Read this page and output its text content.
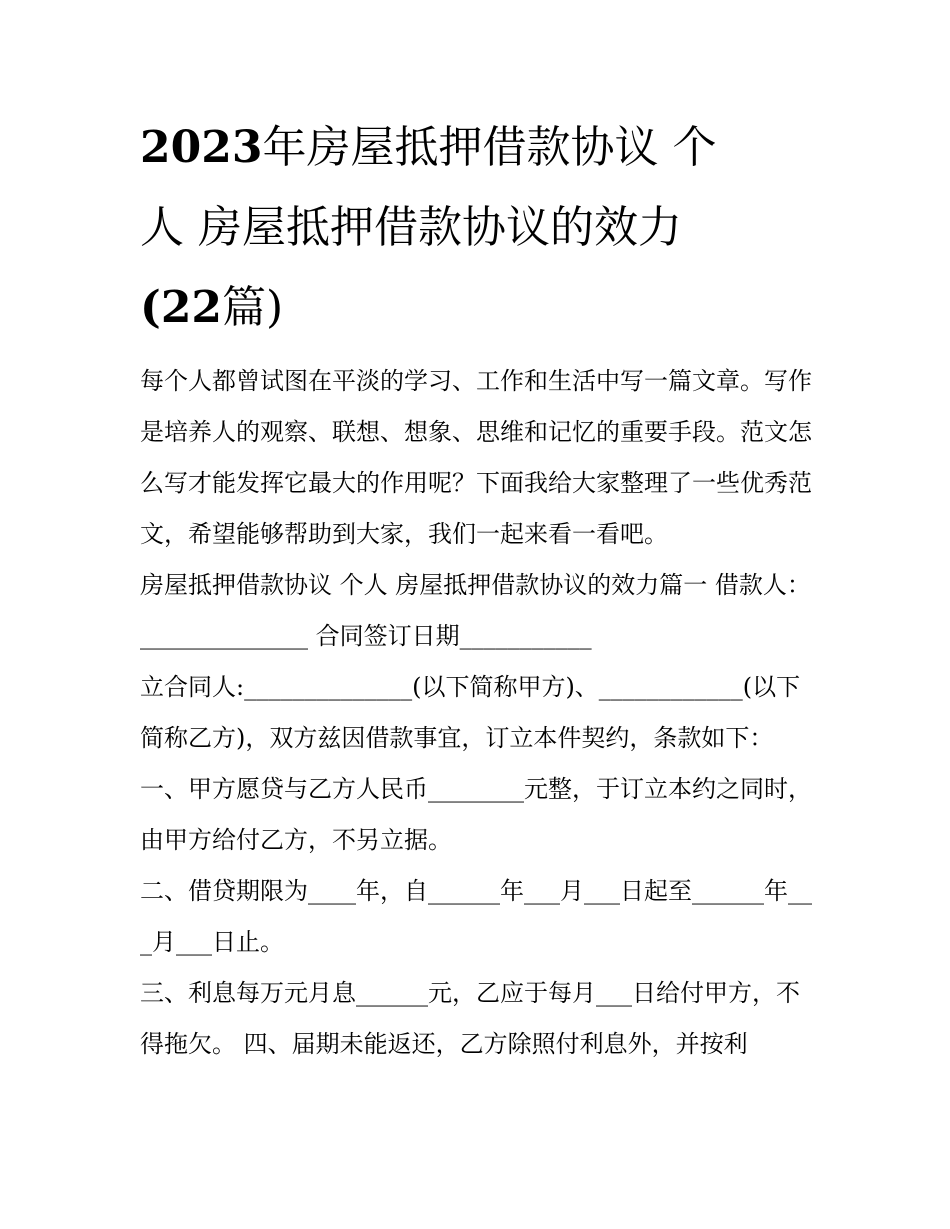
2023年房屋抵押借款协议 个
人 房屋抵押借款协议的效力
(22篇)

每个人都曾试图在平淡的学习、工作和生活中写一篇文章。写作是培养人的观察、联想、想象、思维和记忆的重要手段。范文怎么写才能发挥它最大的作用呢？下面我给大家整理了一些优秀范文，希望能够帮助到大家，我们一起来看一看吧。

房屋抵押借款协议 个人 房屋抵押借款协议的效力篇一 借款人：______________ 合同签订日期___________

立合同人:______________(以下简称甲方)、____________(以下简称乙方)，双方兹因借款事宜，订立本件契约，条款如下：

一、甲方愿贷与乙方人民币________元整，于订立本约之同时，由甲方给付乙方，不另立据。

二、借贷期限为____年，自______年___月___日起至______年___月___日止。

三、利息每万元月息______元，乙应于每月___日给付甲方，不得拖欠。 四、届期未能返还，乙方除照付利息外，并按利
